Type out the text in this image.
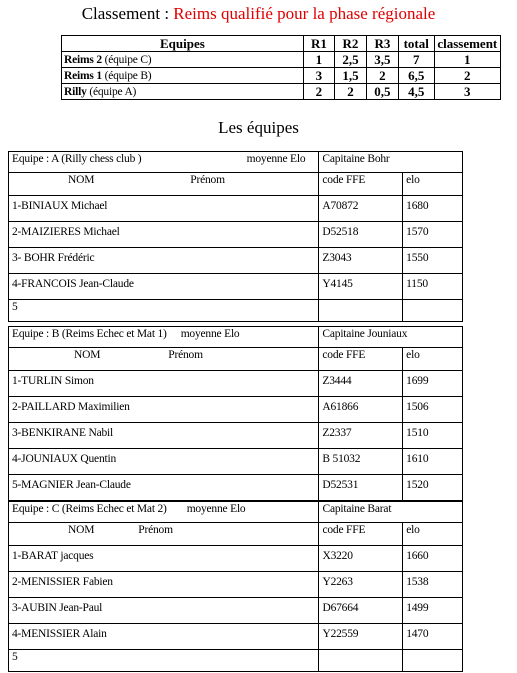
Classement : Reims qualifié pour la phase régionale
Equipes	R1	R2	R3	total	classement
Reims 2 (équipe C)	1	2,5	3,5	7	1
Reims 1 (équipe B)	3	1,5	2	6,5	2
Rilly (équipe A)	2	2	0,5	4,5	3
Les équipes
Equipe : A (Rilly chess club ) moyenne Elo	Capitaine Bohr	
NOM Prénom	code FFE	elo
1-BINIAUX Michael	A70872	1680
2-MAIZIERES Michael	D52518	1570
3- BOHR Frédéric	Z3043	1550
4-FRANCOIS Jean-Claude	Y4145	1150
5		
Equipe : B (Reims Echec et Mat 1) moyenne Elo	Capitaine Jouniaux	
NOM Prénom	code FFE	elo
1-TURLIN Simon	Z3444	1699
2-PAILLARD Maximilien	A61866	1506
3-BENKIRANE Nabil	Z2337	1510
4-JOUNIAUX Quentin	B 51032	1610
5-MAGNIER Jean-Claude	D52531	1520
Equipe : C (Reims Echec et Mat 2) moyenne Elo	Capitaine Barat	
NOM Prénom	code FFE	elo
1-BARAT jacques	X3220	1660
2-MENISSIER Fabien	Y2263	1538
3-AUBIN Jean-Paul	D67664	1499
4-MENISSIER Alain	Y22559	1470
5		
